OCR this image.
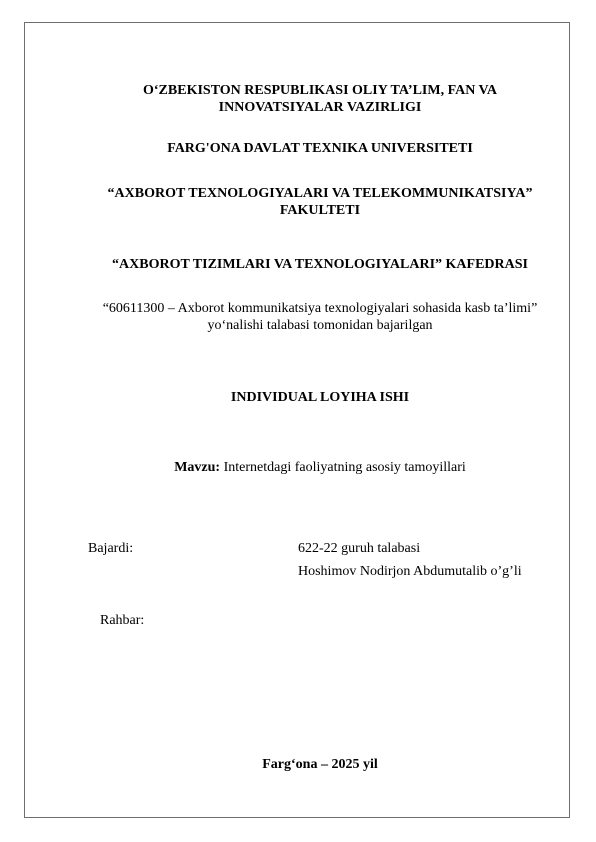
O‘ZBEKISTON RESPUBLIKASI OLIY TA’LIM, FAN VA
INNOVATSIYALAR VAZIRLIGI
FARG'ONA DAVLAT TEXNIKA UNIVERSITETI
“AXBOROT TEXNOLOGIYALARI VA TELEKOMMUNIKATSIYA”
FAKULTETI
“AXBOROT TIZIMLARI VA TEXNOLOGIYALARI” KAFEDRASI
“60611300 – Axborot kommunikatsiya texnologiyalari sohasida kasb ta’limi”
yo‘nalishi talabasi tomonidan bajarilgan
INDIVIDUAL LOYIHA ISHI
Mavzu: Internetdagi faoliyatning asosiy tamoyillari
Bajardi:	622-22 guruh talabasi
Hoshimov Nodirjon Abdumutalib o’g’li
Rahbar:
Farg‘ona – 2025 yil
